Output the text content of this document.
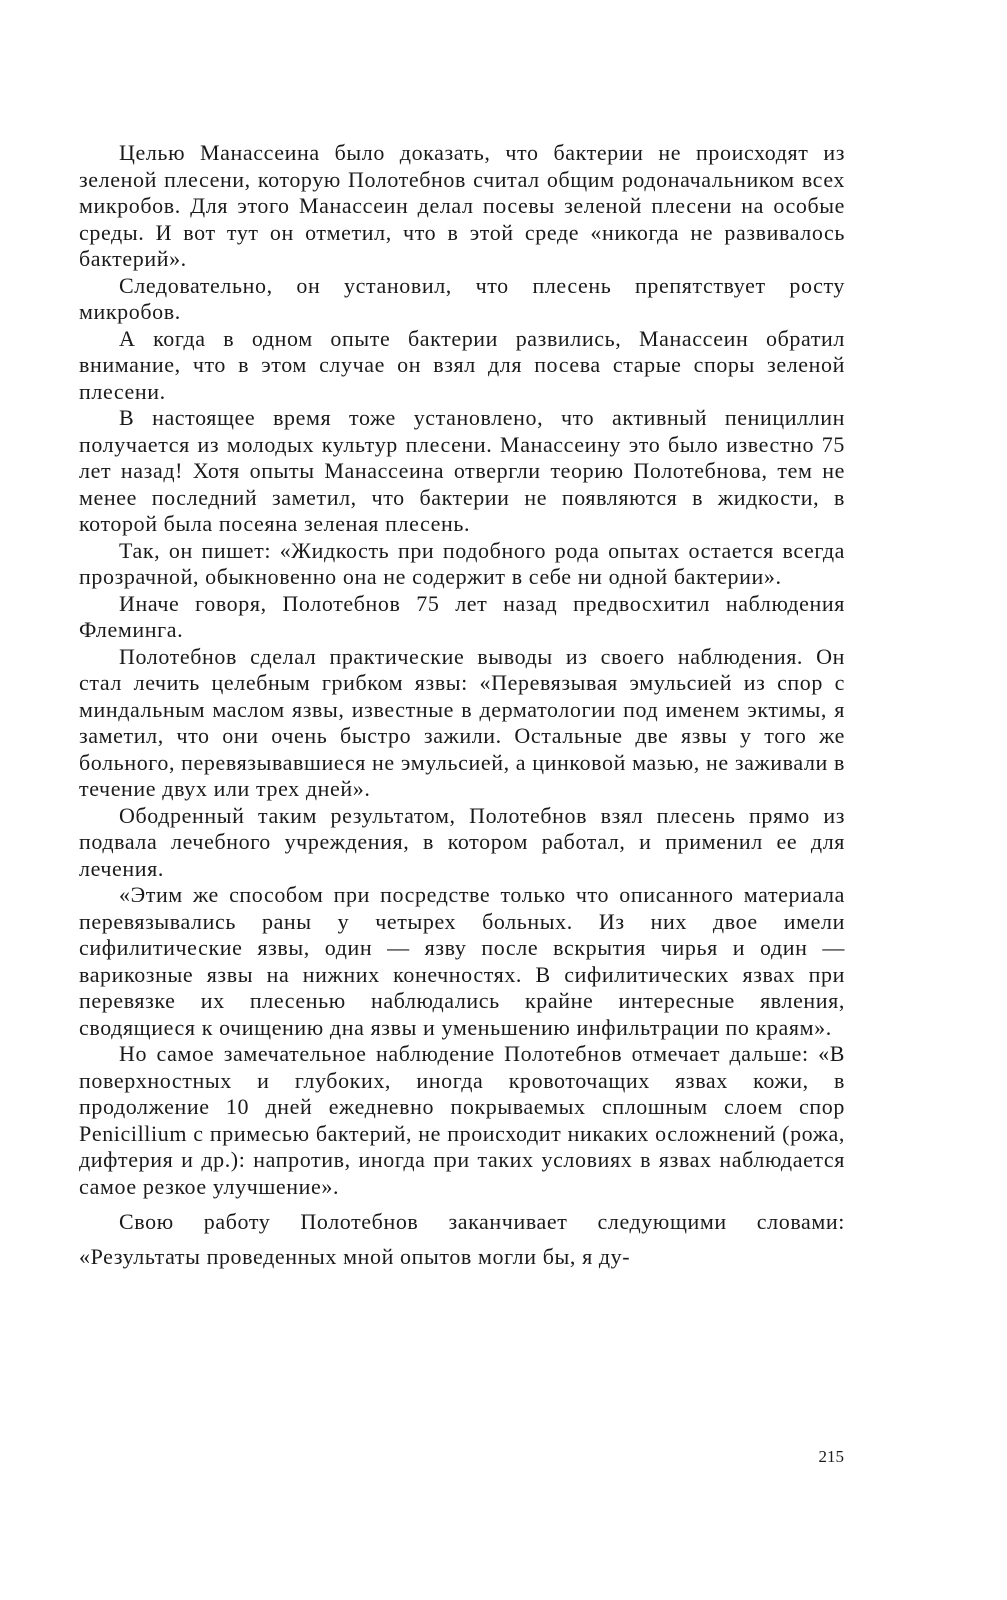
Целью Манассеина было доказать, что бактерии не происходят из зеленой плесени, которую Полотебнов считал общим родоначальником всех микробов. Для этого Манассеин делал посевы зеленой плесени на особые среды. И вот тут он отметил, что в этой среде «никогда не развивалось бактерий».

Следовательно, он установил, что плесень препятствует росту микробов.

А когда в одном опыте бактерии развились, Манассеин обратил внимание, что в этом случае он взял для посева старые споры зеленой плесени.

В настоящее время тоже установлено, что активный пенициллин получается из молодых культур плесени. Манассеину это было известно 75 лет назад! Хотя опыты Манассеина отвергли теорию Полотебнова, тем не менее последний заметил, что бактерии не появляются в жидкости, в которой была посеяна зеленая плесень.

Так, он пишет: «Жидкость при подобного рода опытах остается всегда прозрачной, обыкновенно она не содержит в себе ни одной бактерии».

Иначе говоря, Полотебнов 75 лет назад предвосхитил наблюдения Флеминга.

Полотебнов сделал практические выводы из своего наблюдения. Он стал лечить целебным грибком язвы: «Перевязывая эмульсией из спор с миндальным маслом язвы, известные в дерматологии под именем эктимы, я заметил, что они очень быстро зажили. Остальные две язвы у того же больного, перевязывавшиеся не эмульсией, а цинковой мазью, не заживали в течение двух или трех дней».

Ободренный таким результатом, Полотебнов взял плесень прямо из подвала лечебного учреждения, в котором работал, и применил ее для лечения.

«Этим же способом при посредстве только что описанного материала перевязывались раны у четырех больных. Из них двое имели сифилитические язвы, один — язву после вскрытия чирья и один — варикозные язвы на нижних конечностях. В сифилитических язвах при перевязке их плесенью наблюдались крайне интересные явления, сводящиеся к очищению дна язвы и уменьшению инфильтрации по краям».

Но самое замечательное наблюдение Полотебнов отмечает дальше: «В поверхностных и глубоких, иногда кровоточащих язвах кожи, в продолжение 10 дней ежедневно покрываемых сплошным слоем спор Penicillium с примесью бактерий, не происходит никаких осложнений (рожа, дифтерия и др.): напротив, иногда при таких условиях в язвах наблюдается самое резкое улучшение».

Свою работу Полотебнов заканчивает следующими словами: «Результаты проведенных мной опытов могли бы, я ду-

215
